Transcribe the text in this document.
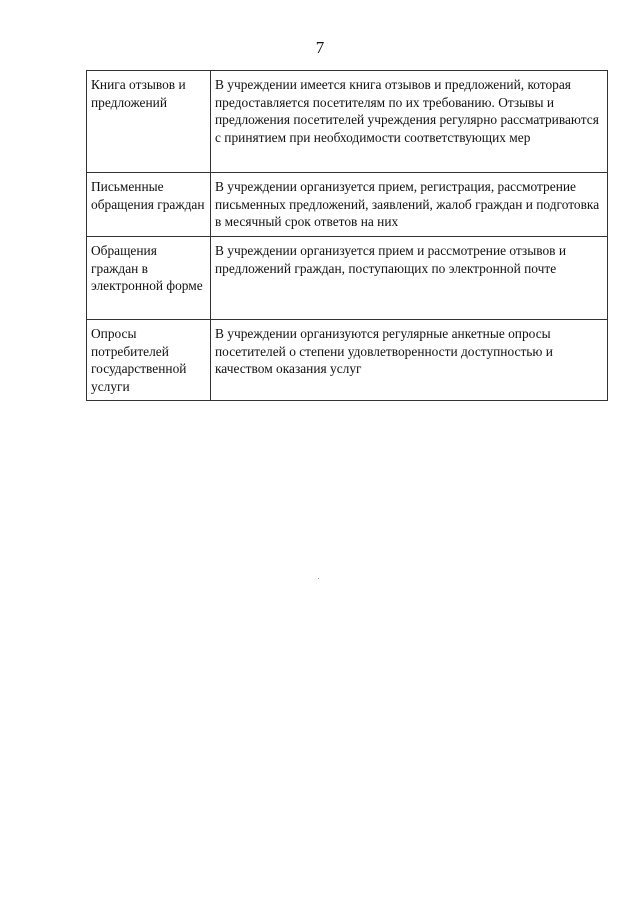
7
Книга отзывов и предложений	В учреждении имеется книга отзывов и предложений, которая предоставляется посетителям по их требованию. Отзывы и предложения посетителей учреждения регулярно рассматриваются с принятием при необходимости соответствующих мер
Письменные обращения граждан	В учреждении организуется прием, регистрация, рассмотрение письменных предложений, заявлений, жалоб граждан и подготовка в месячный срок ответов на них
Обращения граждан в электронной форме	В учреждении организуется прием и рассмотрение отзывов и предложений граждан, поступающих по электронной почте
Опросы потребителей государственной услуги	В учреждении организуются регулярные анкетные опросы посетителей о степени удовлетворенности доступностью и качеством оказания услуг
